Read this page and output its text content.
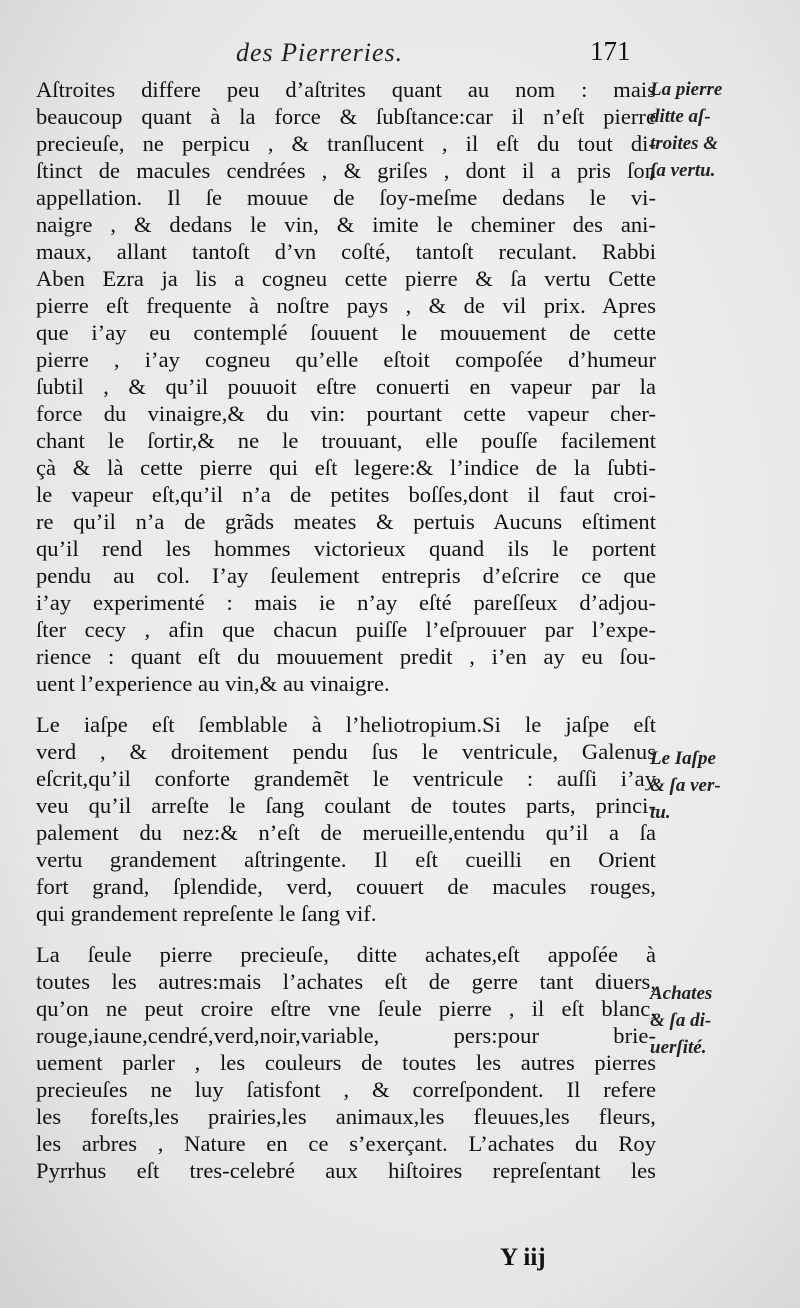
des Pierreries.	171
Aſtroites differe peu d’aſtrites quant au nom : mais
beaucoup quant à la force & ſubſtance:car il n’eſt pierre
precieuſe, ne perpicu , & tranſlucent , il eſt du tout di-
ſtinct de macules cendrées , & griſes , dont il a pris ſon
appellation. Il ſe mouue de ſoy-meſme dedans le vi-
naigre , & dedans le vin, & imite le cheminer des ani-
maux, allant tantoſt d’vn coſté, tantoſt reculant. Rabbi
Aben Ezra ja lis a cogneu cette pierre & ſa vertu Cette
pierre eſt frequente à noſtre pays , & de vil prix. Apres
que i’ay eu contemplé ſouuent le mouuement de cette
pierre , i’ay cogneu qu’elle eſtoit compoſée d’humeur
ſubtil , & qu’il pouuoit eſtre conuerti en vapeur par la
force du vinaigre,& du vin: pourtant cette vapeur cher-
chant le ſortir,& ne le trouuant, elle pouſſe facilement
çà & là cette pierre qui eſt legere:& l’indice de la ſubti-
le vapeur eſt,qu’il n’a de petites boſſes,dont il faut croi-
re qu’il n’a de grãds meates & pertuis Aucuns eſtiment
qu’il rend les hommes victorieux quand ils le portent
pendu au col. I’ay ſeulement entrepris d’eſcrire ce que
i’ay experimenté : mais ie n’ay eſté pareſſeux d’adjou-
ſter cecy , afin que chacun puiſſe l’eſprouuer par l’expe-
rience : quant eſt du mouuement predit , i’en ay eu ſou-
uent l’experience au vin,& au vinaigre.
Le iaſpe eſt ſemblable à l’heliotropium.Si le jaſpe eſt
verd , & droitement pendu ſus le ventricule, Galenus
eſcrit,qu’il conforte grandemẽt le ventricule : auſſi i’ay
veu qu’il arreſte le ſang coulant de toutes parts, princi-
palement du nez:& n’eſt de merueille,entendu qu’il a ſa
vertu grandement aſtringente. Il eſt cueilli en Orient
fort grand, ſplendide, verd, couuert de macules rouges,
qui grandement repreſente le ſang vif.
La ſeule pierre precieuſe, ditte achates,eſt appoſée à
toutes les autres:mais l’achates eſt de gerre tant diuers,
qu’on ne peut croire eſtre vne ſeule pierre , il eſt blanc,
rouge,iaune,cendré,verd,noir,variable, pers:pour brie-
uement parler , les couleurs de toutes les autres pierres
precieuſes ne luy ſatisfont , & correſpondent. Il refere
les foreſts,les prairies,les animaux,les fleuues,les fleurs,
les arbres , Nature en ce s’exerçant. L’achates du Roy
Pyrrhus eſt tres-celebré aux hiſtoires repreſentant les
La pierre
ditte aſ-
troites &
ſa vertu.
Le Iaſpe
& ſa ver-
tu.
Achates
& ſa di-
uerſité.
Y iij
